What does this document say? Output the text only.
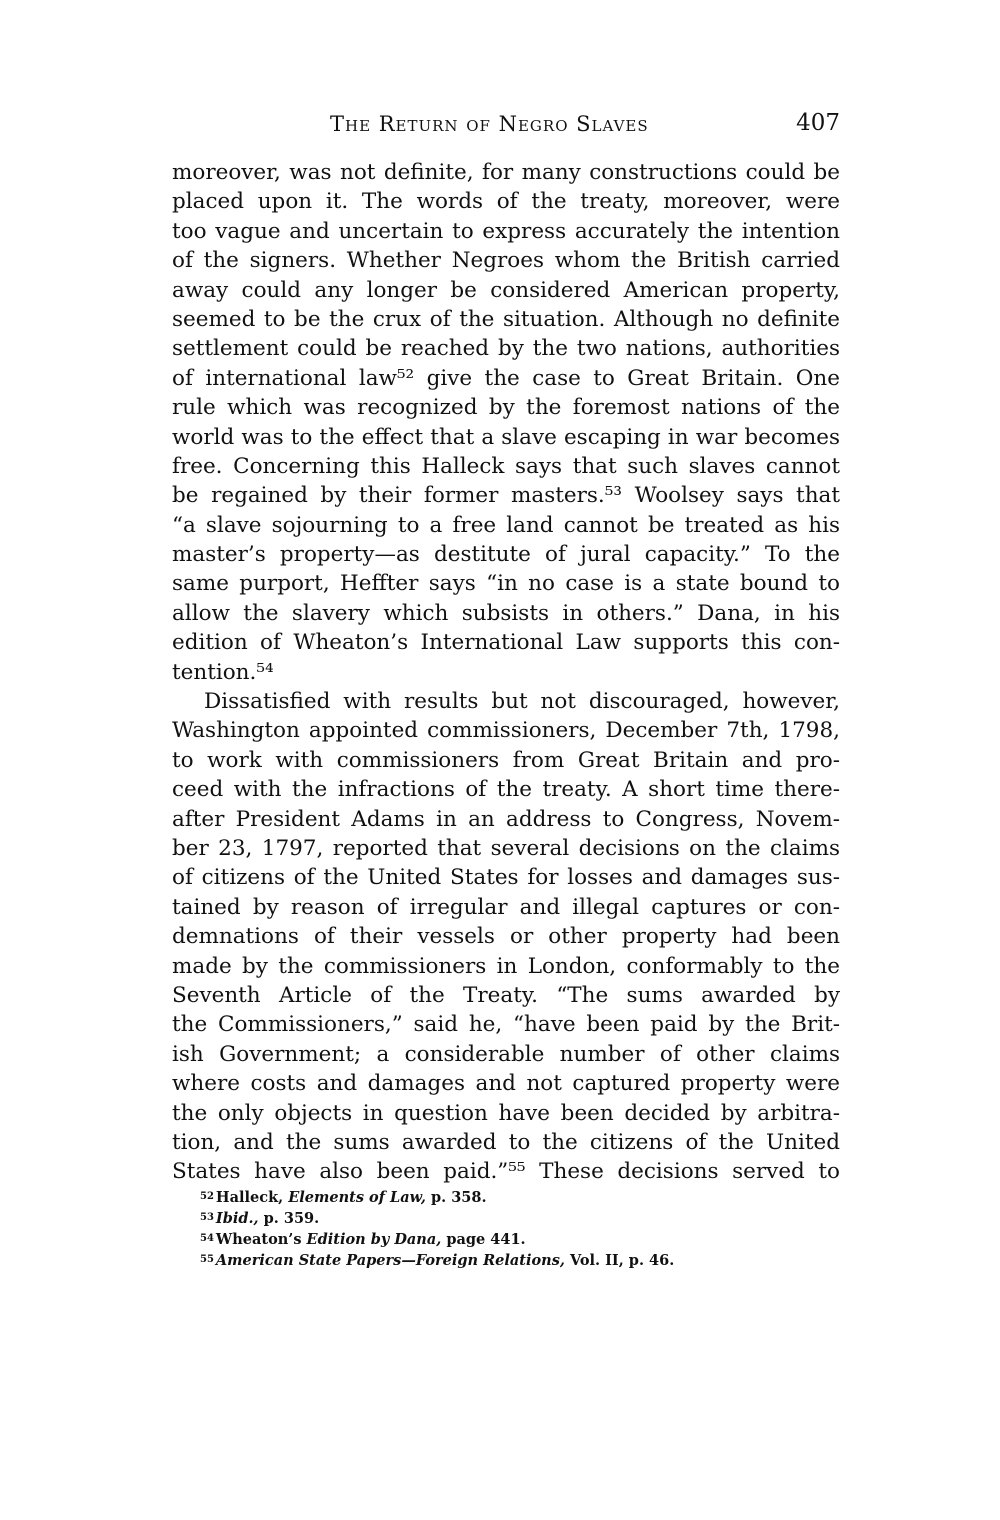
The Return of Negro Slaves	407
moreover, was not definite, for many constructions could be
placed upon it. The words of the treaty, moreover, were
too vague and uncertain to express accurately the intention
of the signers. Whether Negroes whom the British carried
away could any longer be considered American property,
seemed to be the crux of the situation. Although no definite
settlement could be reached by the two nations, authorities
of international law⁵² give the case to Great Britain. One
rule which was recognized by the foremost nations of the
world was to the effect that a slave escaping in war becomes
free. Concerning this Halleck says that such slaves cannot
be regained by their former masters.⁵³ Woolsey says that
“a slave sojourning to a free land cannot be treated as his
master’s property—as destitute of jural capacity.” To the
same purport, Heffter says “in no case is a state bound to
allow the slavery which subsists in others.” Dana, in his
edition of Wheaton’s International Law supports this con-
tention.⁵⁴
Dissatisfied with results but not discouraged, however,
Washington appointed commissioners, December 7th, 1798,
to work with commissioners from Great Britain and pro-
ceed with the infractions of the treaty. A short time there-
after President Adams in an address to Congress, Novem-
ber 23, 1797, reported that several decisions on the claims
of citizens of the United States for losses and damages sus-
tained by reason of irregular and illegal captures or con-
demnations of their vessels or other property had been
made by the commissioners in London, conformably to the
Seventh Article of the Treaty. “The sums awarded by
the Commissioners,” said he, “have been paid by the Brit-
ish Government; a considerable number of other claims
where costs and damages and not captured property were
the only objects in question have been decided by arbitra-
tion, and the sums awarded to the citizens of the United
States have also been paid.”⁵⁵ These decisions served to
$^{52}$ Halleck, Elements of Law, p. 358.
$^{53}$ Ibid., p. 359.
$^{54}$ Wheaton’s Edition by Dana, page 441.
$^{55}$ American State Papers—Foreign Relations, Vol. II, p. 46.
